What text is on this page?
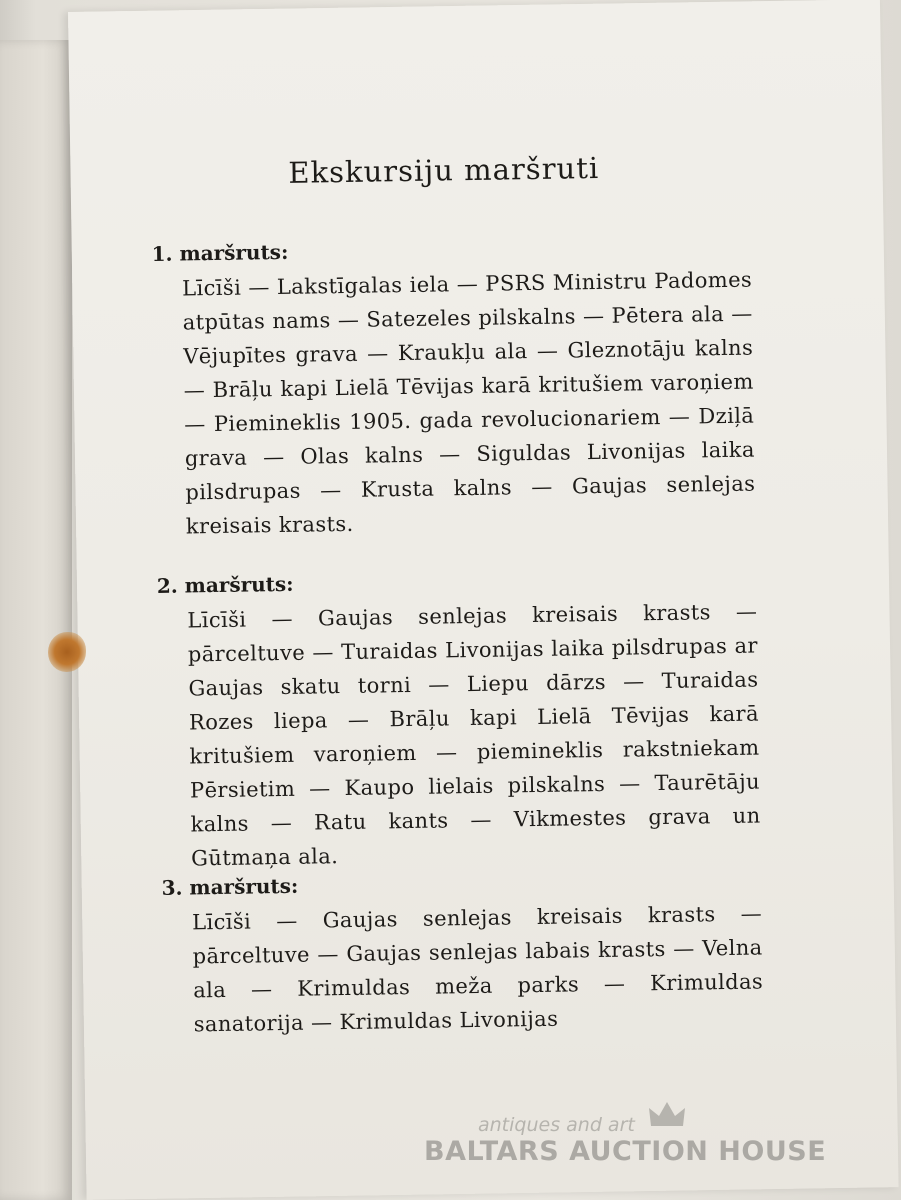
Ekskursiju maršruti
1. maršruts:
Līcīši — Lakstīgalas iela — PSRS Ministru Padomes atpūtas nams — Satezeles pilskalns — Pētera ala — Vējupītes grava — Kraukļu ala — Gleznotāju kalns — Brāļu kapi Lielā Tēvijas karā kritušiem varoņiem — Piemineklis 1905. gada revolucionariem — Dziļā grava — Olas kalns — Siguldas Livonijas laika pilsdrupas — Krusta kalns — Gaujas senlejas kreisais krasts.
2. maršruts:
Līcīši — Gaujas senlejas kreisais krasts — pārceltuve — Turaidas Livonijas laika pilsdrupas ar Gaujas skatu torni — Liepu dārzs — Turaidas Rozes liepa — Brāļu kapi Lielā Tēvijas karā kritušiem varoņiem — piemineklis rakstniekam Pērsietim — Kaupo lielais pilskalns — Taurētāju kalns — Ratu kants — Vikmestes grava un Gūtmaņa ala.
3. maršruts:
Līcīši — Gaujas senlejas kreisais krasts — pārceltuve — Gaujas senlejas labais krasts — Velna ala — Krimuldas meža parks — Krimuldas sanatorija — Krimuldas Livonijas
antiques and art
BALTARS AUCTION HOUSE
